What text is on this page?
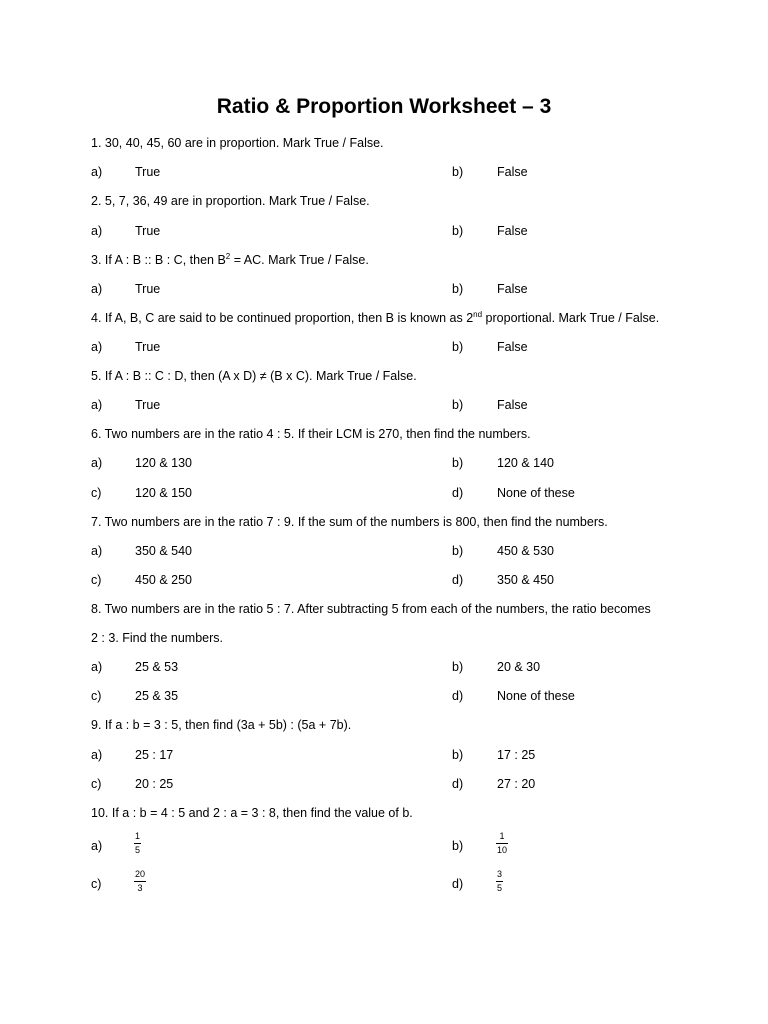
Ratio & Proportion Worksheet – 3
1. 30, 40, 45, 60 are in proportion. Mark True / False.
a)	True	b)	False
2. 5, 7, 36, 49 are in proportion. Mark True / False.
a)	True	b)	False
3. If A : B :: B : C, then $B^2$ = AC. Mark True / False.
a)	True	b)	False
4. If A, B, C are said to be continued proportion, then B is known as 2nd proportional. Mark True / False.
a)	True	b)	False
5. If A : B :: C : D, then (A x D) ≠ (B x C). Mark True / False.
a)	True	b)	False
6. Two numbers are in the ratio 4 : 5. If their LCM is 270, then find the numbers.
a)	120 & 130	b)	120 & 140
c)	120 & 150	d)	None of these
7. Two numbers are in the ratio 7 : 9. If the sum of the numbers is 800, then find the numbers.
a)	350 & 540	b)	450 & 530
c)	450 & 250	d)	350 & 450
8. Two numbers are in the ratio 5 : 7. After subtracting 5 from each of the numbers, the ratio becomes
2 : 3. Find the numbers.
a)	25 & 53	b)	20 & 30
c)	25 & 35	d)	None of these
9. If a : b = 3 : 5, then find (3a + 5b) : (5a + 7b).
a)	25 : 17	b)	17 : 25
c)	20 : 25	d)	27 : 20
10. If a : b = 4 : 5 and 2 : a = 3 : 8, then find the value of b.
a)
1
5	b)
1
10
c)
20
3	d)
3
5
